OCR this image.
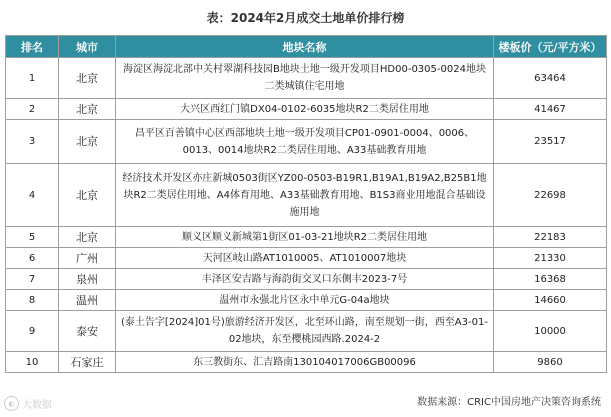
表：2024年2月成交土地单价排行榜
排名	城市	地块名称	楼板价（元/平方米）
1	北京	海淀区海淀北部中关村翠湖科技园B地块土地一级开发项目HD00-0305-0024地块二类城镇住宅用地	63464
2	北京	大兴区西红门镇DX04-0102-6035地块R2二类居住用地	41467
3	北京	昌平区百善镇中心区西部地块土地一级开发项目CP01-0901-0004、0006、0013、0014地块R2二类居住用地、A33基础教育用地	23517
4	北京	经济技术开发区亦庄新城0503街区YZ00-0503-B19R1,B19A1,B19A2,B25B1地块R2二类居住用地、A4体育用地、A33基础教育用地、B1S3商业用地混合基础设施用地	22698
5	北京	顺义区顺义新城第1街区01-03-21地块R2二类居住用地	22183
6	广州	天河区岐山路AT1010005、AT1010007地块	21330
7	泉州	丰泽区安吉路与海韵街交叉口东侧丰2023-7号	16368
8	温州	温州市永强北片区永中单元G-04a地块	14660
9	泰安	(泰土告字[2024]01号)旅游经济开发区，北至环山路，南至规划一街，西至A3-01-02地块，东至樱桃园西路.2024-2	10000
10	石家庄	东三教街东、汇吉路南130104017006GB00096	9860
数据来源：CRIC中国房地产决策咨询系统
◐ 大数据
